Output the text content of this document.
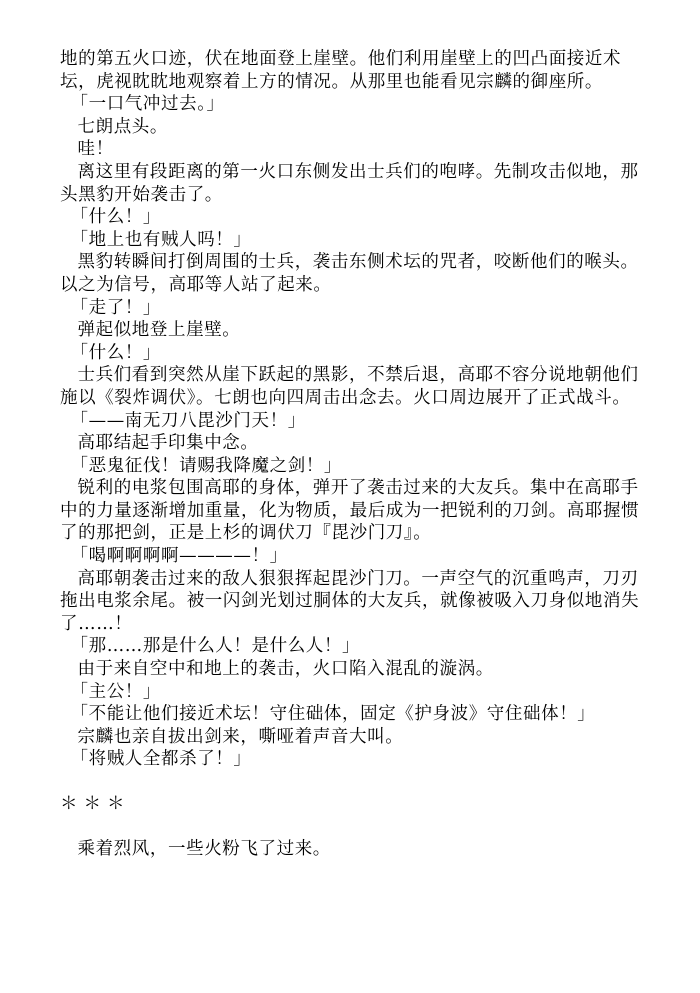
地的第五火口迹，伏在地面登上崖壁。他们利用崖壁上的凹凸面接近术坛，虎视眈眈地观察着上方的情况。从那里也能看见宗麟的御座所。

「一口气冲过去。」

七朗点头。

哇！

离这里有段距离的第一火口东侧发出士兵们的咆哮。先制攻击似地，那头黑豹开始袭击了。

「什么！」

「地上也有贼人吗！」

黑豹转瞬间打倒周围的士兵，袭击东侧术坛的咒者，咬断他们的喉头。以之为信号，高耶等人站了起来。

「走了！」

弹起似地登上崖壁。

「什么！」

士兵们看到突然从崖下跃起的黑影，不禁后退，高耶不容分说地朝他们施以《裂炸调伏》。七朗也向四周击出念去。火口周边展开了正式战斗。

「——南无刀八毘沙门天！」

高耶结起手印集中念。

「恶鬼征伐！请赐我降魔之剑！」

锐利的电浆包围高耶的身体，弹开了袭击过来的大友兵。集中在高耶手中的力量逐渐增加重量，化为物质，最后成为一把锐利的刀剑。高耶握惯了的那把剑，正是上杉的调伏刀『毘沙门刀』。

「喝啊啊啊啊————！」

高耶朝袭击过来的敌人狠狠挥起毘沙门刀。一声空气的沉重鸣声，刀刃拖出电浆余尾。被一闪剑光划过胴体的大友兵，就像被吸入刀身似地消失了……！

「那……那是什么人！是什么人！」

由于来自空中和地上的袭击，火口陷入混乱的漩涡。

「主公！」

「不能让他们接近术坛！守住础体，固定《护身波》守住础体！」

宗麟也亲自拔出剑来，嘶哑着声音大叫。

「将贼人全都杀了！」

＊＊＊

乘着烈风，一些火粉飞了过来。
